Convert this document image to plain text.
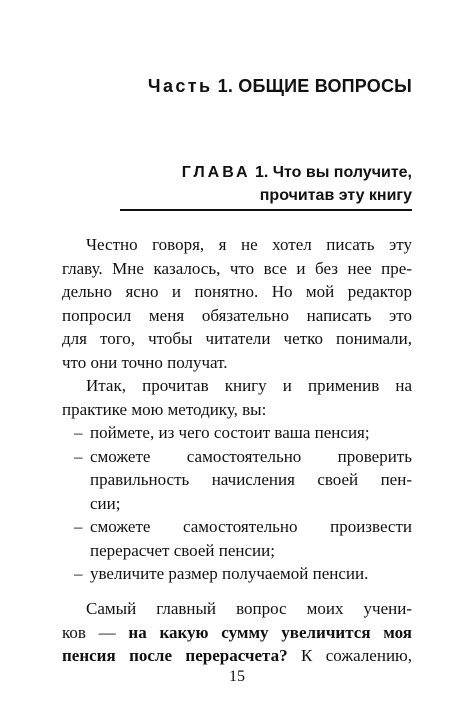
Часть 1. ОБЩИЕ ВОПРОСЫ
ГЛАВА 1. Что вы получите,
прочитав эту книгу
Честно говоря, я не хотел писать эту
главу. Мне казалось, что все и без нее пре-
дельно ясно и понятно. Но мой редактор
попросил меня обязательно написать это
для того, чтобы читатели четко понимали,
что они точно получат.
Итак, прочитав книгу и применив на
практике мою методику, вы:
– поймете, из чего состоит ваша пенсия;
– сможете самостоятельно проверить
правильность начисления своей пен-
сии;
– сможете самостоятельно произвести
перерасчет своей пенсии;
– увеличите размер получаемой пенсии.
Самый главный вопрос моих учени-
ков — на какую сумму увеличится моя
пенсия после перерасчета? К сожалению,
15
